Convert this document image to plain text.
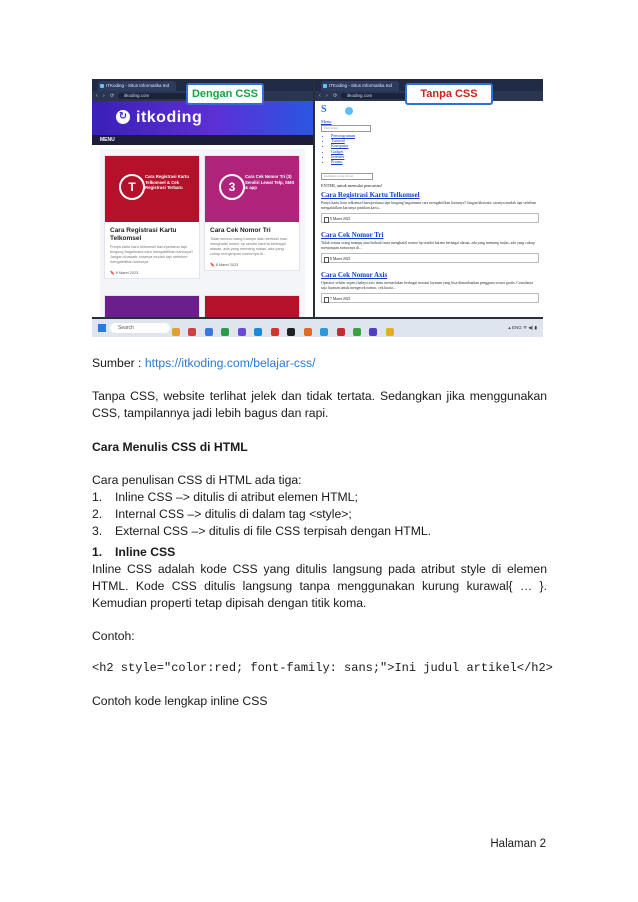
ITKoding - Situs Informatika Ind
‹ › ⟳	itkoding.com
↻ itkoding
MENU
T
Cara Registrasi Kartu Telkomsel & Cek Registrasi Terbaru
Cara Registrasi Kartu Telkomsel
Punya kartu baru telkomsel baru/pertama tapi bingung bagaimana cara mengaktifkan kartunya? Jangan khawatir caranya mudah tapi sebelum mengaktifkan kartunya
🔖 9 Maret 2023
3
Cara Cek Nomor Tri (3) Sendiri Lewat Telp, SMS & app
Cara Cek Nomor Tri
Tidak semua orang mampu atau berhasil mau menghafal nomor hp sendiri karena berbagai alasan, ada yang memang malas, ada yang cukup menyimpan nomornya di...
🔖 8 Maret 2023
Dengan CSS
ITKoding - Situs Informatika Ind
‹ › ⟳	itkoding.com
S
Menu
Pencarian
• Pemrograman
• Tutorial
• Komputer
• Gadget
• Internet
• Promo
Ketikkan yang dicari
ENTER, untuk memulai pencarian!
Cara Registrasi Kartu Telkomsel
Punya kartu baru telkomsel baru/pertama tapi bingung bagaimana cara mengaktifkan kartunya? Jangan khawatir caranya mudah tapi sebelum mengaktifkan kartunya pastikan kartu...
9 Maret 2023
Cara Cek Nomor Tri
Tidak semua orang mampu atau berhasil mau menghafal nomor hp sendiri karena berbagai alasan, ada yang memang malas, ada yang cukup menyimpan nomornya di...
8 Maret 2023
Cara Cek Nomor Axis
Operator seluler seperti halnya axis tentu memerlukan berbagai macam layanan yang bisa dimanfaatkan pengguna secara gratis. Contohnya saja layanan untuk mengecek nomor, cek kuota...
7 Maret 2023
Tanpa CSS
Search
	▴ ENG ᯤ ◀) ▮
Sumber : https://itkoding.com/belajar-css/
Tanpa CSS, website terlihat jelek dan tidak tertata. Sedangkan jika menggunakan CSS, tampilannya jadi lebih bagus dan rapi.
Cara Menulis CSS di HTML
Cara penulisan CSS di HTML ada tiga:
1. Inline CSS –> ditulis di atribut elemen HTML;
2. Internal CSS –> ditulis di dalam tag <style>;
3. External CSS –> ditulis di file CSS terpisah dengan HTML.
1. Inline CSS
Inline CSS adalah kode CSS yang ditulis langsung pada atribut style di elemen HTML. Kode CSS ditulis langsung tanpa menggunakan kurung kurawal{ … }. Kemudian properti tetap dipisah dengan titik koma.
Contoh:
<h2 style="color:red; font-family: sans;">Ini judul artikel</h2>
Contoh kode lengkap inline CSS
Halaman 2
